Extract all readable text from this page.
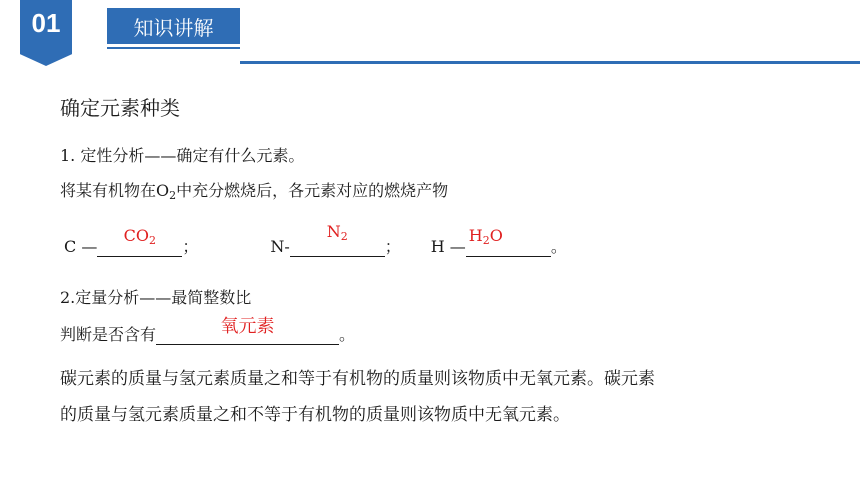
01	知识讲解
确定元素种类
1. 定性分析——确定有什么元素。
将某有机物在$O_2$中充分燃烧后，各元素对应的燃烧产物
C —
$CO_2$	；	N-
$N_2$
； H —
$H_2O$
。
2.定量分析——最简整数比
判断是否含有	氧元素	。
碳元素的质量与氢元素质量之和等于有机物的质量则该物质中无氧元素。碳元素
的质量与氢元素质量之和不等于有机物的质量则该物质中无氧元素。
